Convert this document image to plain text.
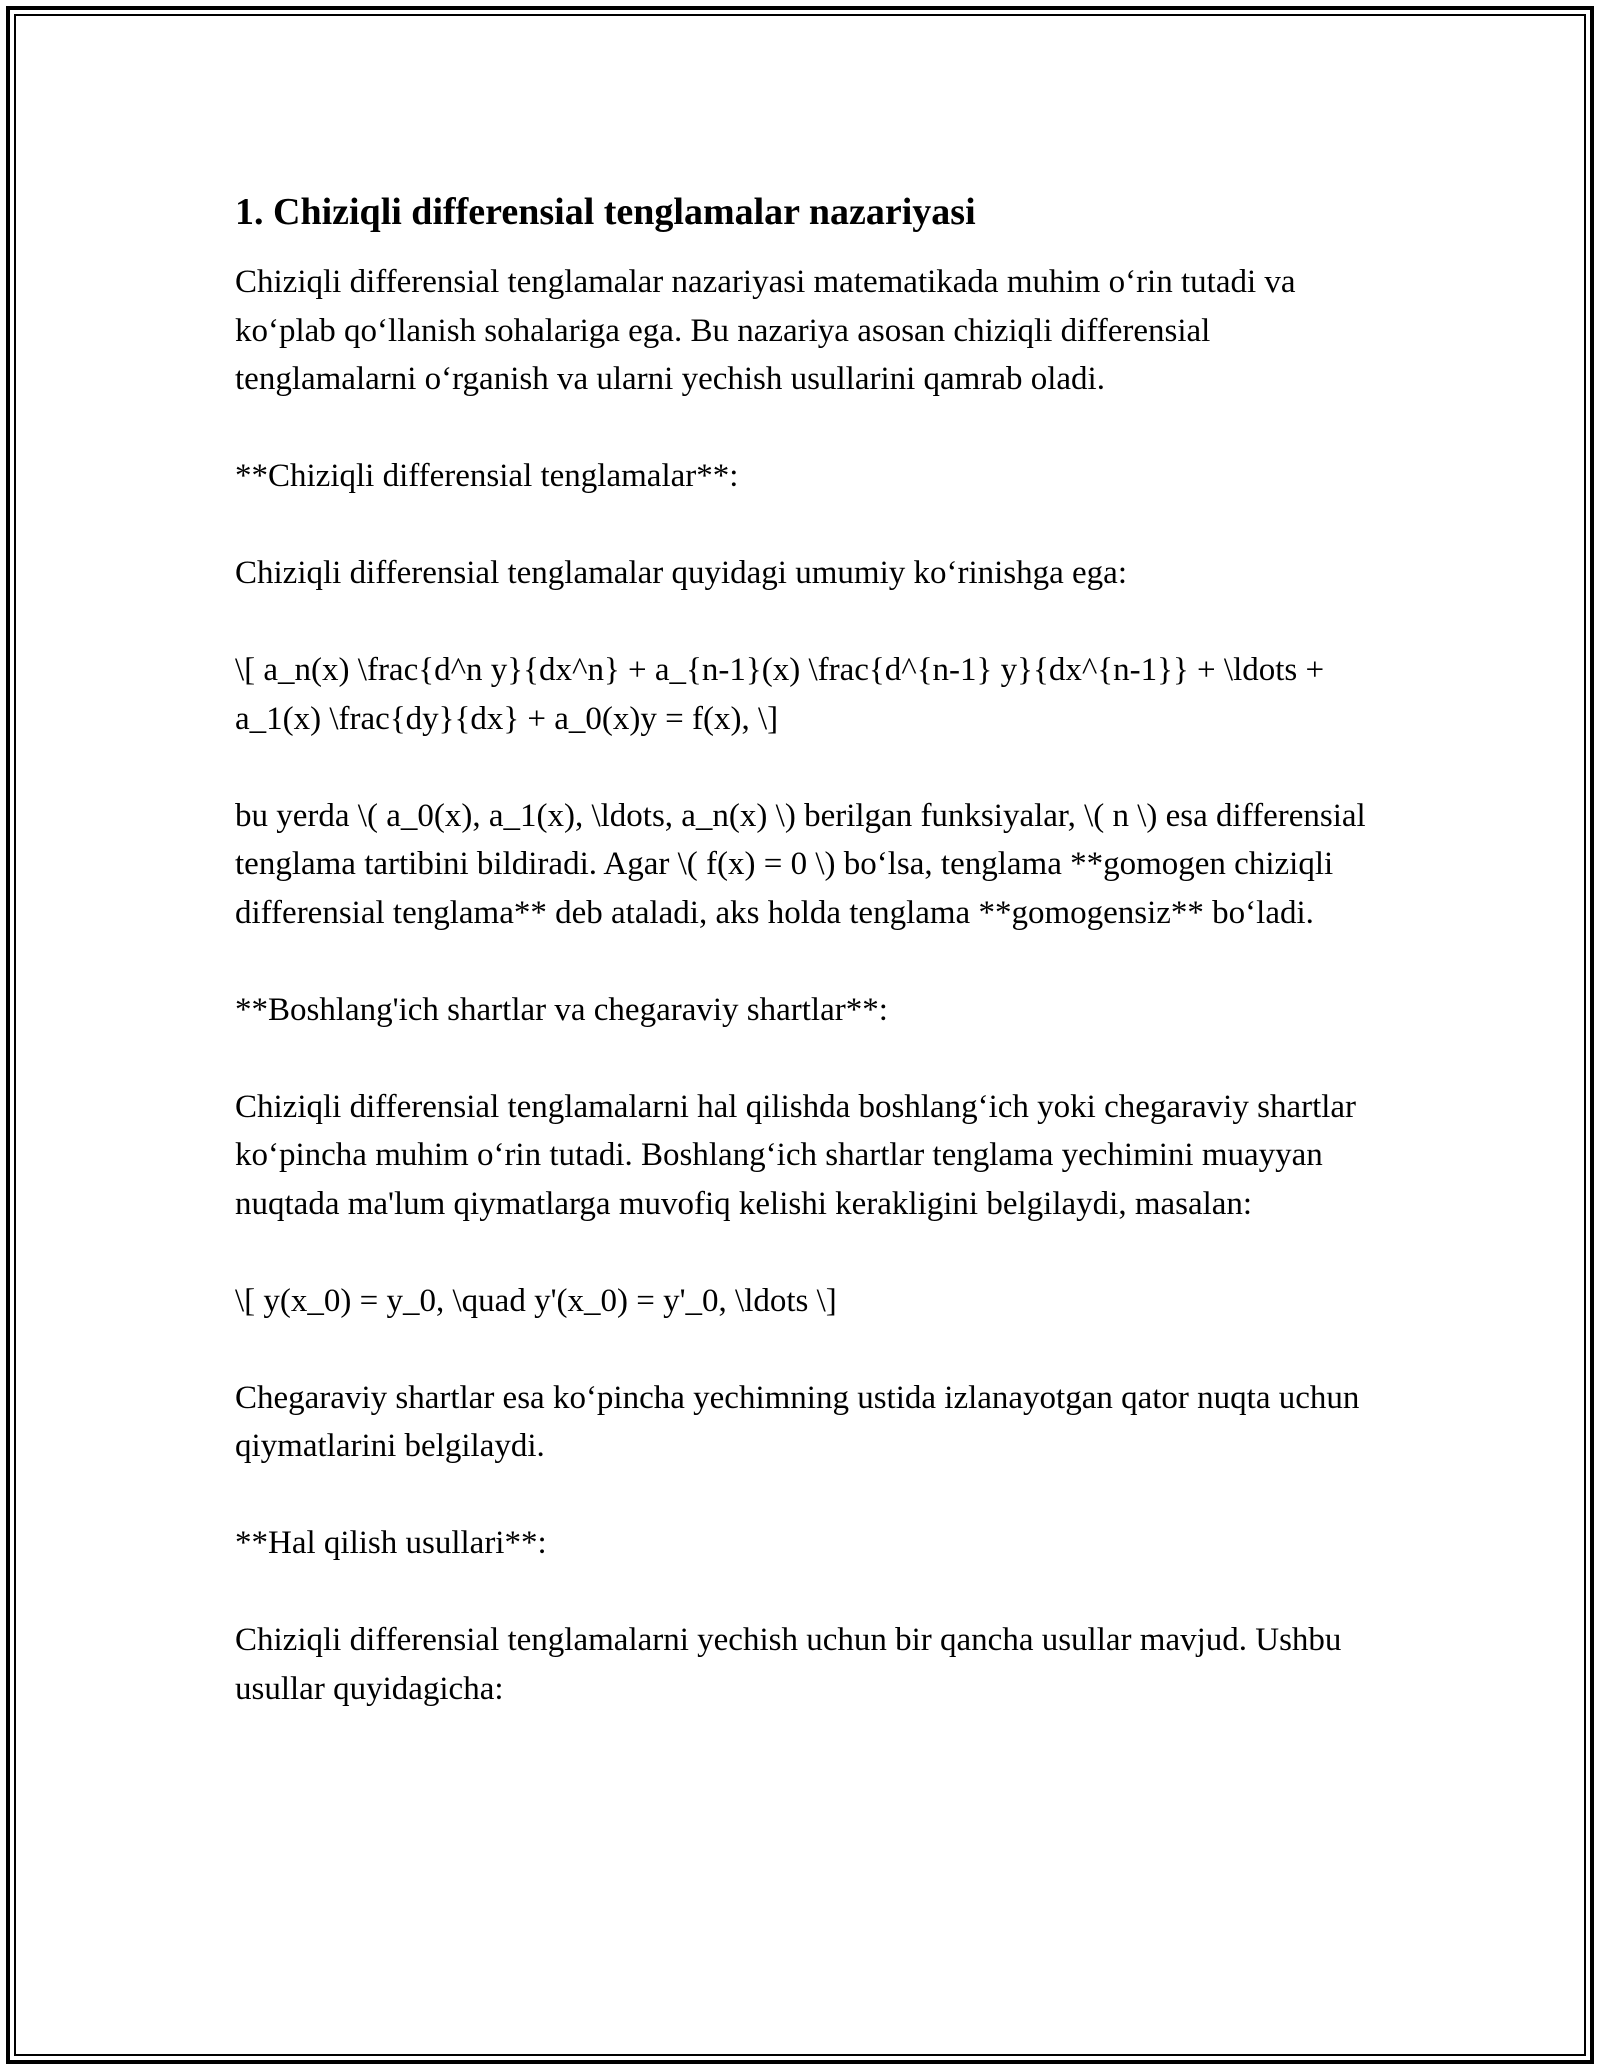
1. Chiziqli differensial tenglamalar nazariyasi

Chiziqli differensial tenglamalar nazariyasi matematikada muhim o‘rin tutadi va ko‘plab qo‘llanish sohalariga ega. Bu nazariya asosan chiziqli differensial tenglamalarni o‘rganish va ularni yechish usullarini qamrab oladi.

**Chiziqli differensial tenglamalar**:

Chiziqli differensial tenglamalar quyidagi umumiy ko‘rinishga ega:

\[ a_n(x) \frac{d^n y}{dx^n} + a_{n-1}(x) \frac{d^{n-1} y}{dx^{n-1}} + \ldots + a_1(x) \frac{dy}{dx} + a_0(x)y = f(x), \]

bu yerda \( a_0(x), a_1(x), \ldots, a_n(x) \) berilgan funksiyalar, \( n \) esa differensial tenglama tartibini bildiradi. Agar \( f(x) = 0 \) bo‘lsa, tenglama **gomogen chiziqli differensial tenglama** deb ataladi, aks holda tenglama **gomogensiz** bo‘ladi.

**Boshlang'ich shartlar va chegaraviy shartlar**:

Chiziqli differensial tenglamalarni hal qilishda boshlang‘ich yoki chegaraviy shartlar ko‘pincha muhim o‘rin tutadi. Boshlang‘ich shartlar tenglama yechimini muayyan nuqtada ma'lum qiymatlarga muvofiq kelishi kerakligini belgilaydi, masalan:

\[ y(x_0) = y_0, \quad y'(x_0) = y'_0, \ldots \]

Chegaraviy shartlar esa ko‘pincha yechimning ustida izlanayotgan qator nuqta uchun qiymatlarini belgilaydi.

**Hal qilish usullari**:

Chiziqli differensial tenglamalarni yechish uchun bir qancha usullar mavjud. Ushbu usullar quyidagicha:
